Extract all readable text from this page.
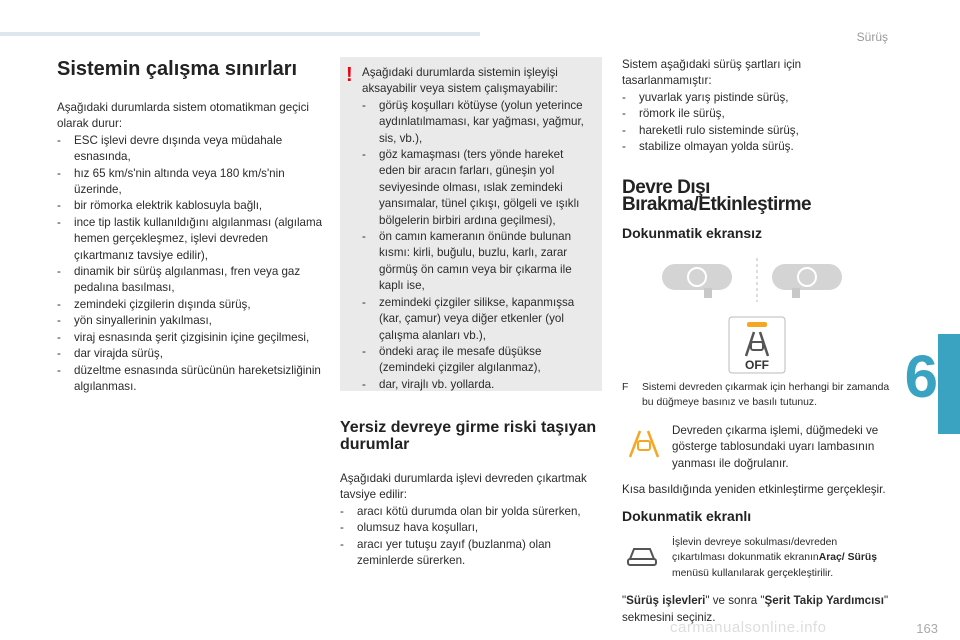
Sürüş
6
Sistemin çalışma sınırları

Aşağıdaki durumlarda sistem otomatikman geçici olarak durur:

- ESC işlevi devre dışında veya müdahale esnasında,
- hız 65 km/s'nin altında veya 180 km/s'nin üzerinde,
- bir römorka elektrik kablosuyla bağlı,
- ince tip lastik kullanıldığını algılanması (algılama hemen gerçekleşmez, işlevi devreden çıkartmanız tavsiye edilir),
- dinamik bir sürüş algılanması, fren veya gaz pedalına basılması,
- zemindeki çizgilerin dışında sürüş,
- yön sinyallerinin yakılması,
- viraj esnasında şerit çizgisinin içine geçilmesi,
- dar virajda sürüş,
- düzeltme esnasında sürücünün hareketsizliğinin algılanması.
! Aşağıdaki durumlarda sistemin işleyişi aksayabilir veya sistem çalışmayabilir:

- görüş koşulları kötüyse (yolun yeterince aydınlatılmaması, kar yağması, yağmur, sis, vb.),
- göz kamaşması (ters yönde hareket eden bir aracın farları, güneşin yol seviyesinde olması, ıslak zemindeki yansımalar, tünel çıkışı, gölgeli ve ışıklı bölgelerin birbiri ardına geçilmesi),
- ön camın kameranın önünde bulunan kısmı: kirli, buğulu, buzlu, karlı, zarar görmüş ön camın veya bir çıkarma ile kaplı ise,
- zemindeki çizgiler silikse, kapanmışsa (kar, çamur) veya diğer etkenler (yol çalışma alanları vb.),
- öndeki araç ile mesafe düşükse (zemindeki çizgiler algılanmaz),
- dar, virajlı vb. yollarda.
Yersiz devreye girme riski taşıyan durumlar

Aşağıdaki durumlarda işlevi devreden çıkartmak tavsiye edilir:

- aracı kötü durumda olan bir yolda sürerken,
- olumsuz hava koşulları,
- aracı yer tutuşu zayıf (buzlanma) olan zeminlerde sürerken.

Sistem aşağıdaki sürüş şartları için tasarlanmamıştır:

- yuvarlak yarış pistinde sürüş,
- römork ile sürüş,
- hareketli rulo sisteminde sürüş,
- stabilize olmayan yolda sürüş.
Devre Dışı Bırakma/Etkinleştirme
Dokunmatik ekransız
OFF
F Sistemi devreden çıkarmak için herhangi bir zamanda bu düğmeye basınız ve basılı tutunuz.
Devreden çıkarma işlemi, düğmedeki ve gösterge tablosundaki uyarı lambasının yanması ile doğrulanır.

Kısa basıldığında yeniden etkinleştirme gerçekleşir.

Dokunmatik ekranlı
İşlevin devreye sokulması/devreden çıkartılması dokunmatik ekranınAraç/ Sürüş menüsü kullanılarak gerçekleştirilir.

"Sürüş işlevleri" ve sonra "Şerit Takip Yardımcısı" sekmesini seçiniz.

carmanualsonline.info	163
